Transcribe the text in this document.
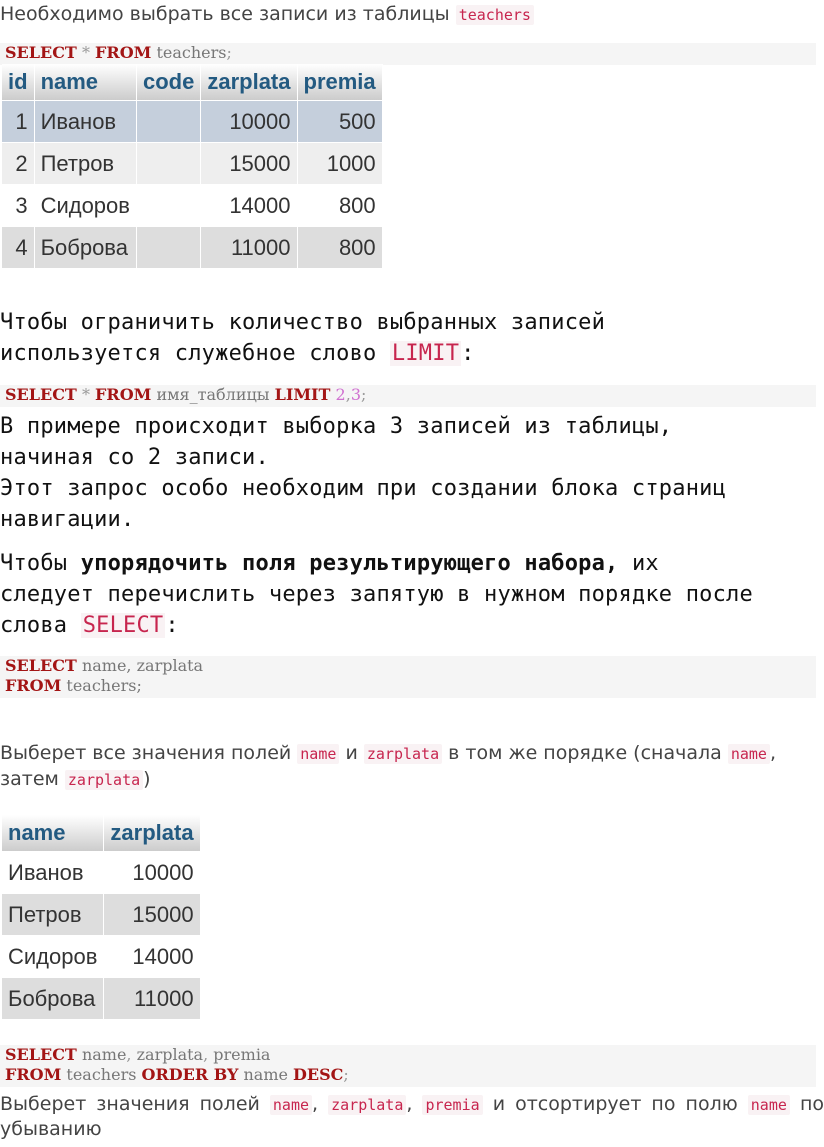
Необходимо выбрать все записи из таблицы teachers
SELECT * FROM teachers;
id	name	code	zarplata	premia
1	Иванов		10000	500
2	Петров		15000	1000
3	Сидоров		14000	800
4	Боброва		11000	800
Чтобы ограничить количество выбранных записей
используется служебное слово LIMIT:
SELECT * FROM имя_таблицы LIMIT 2,3;
В примере происходит выборка 3 записей из таблицы,
начиная со 2 записи.
Этот запрос особо необходим при создании блока страниц
навигации.
Чтобы упорядочить поля результирующего набора, их
следует перечислить через запятую в нужном порядке после
слова SELECT:
SELECT name, zarplata
FROM teachers;
Выберет все значения полей name и zarplata в том же порядке (сначала name ,
затем zarplata )
name	zarplata
Иванов	10000
Петров	15000
Сидоров	14000
Боброва	11000
SELECT name, zarplata, premia
FROM teachers ORDER BY name DESC;
Выберет значения полей name , zarplata , premia и отсортирует по полю name по
убыванию
